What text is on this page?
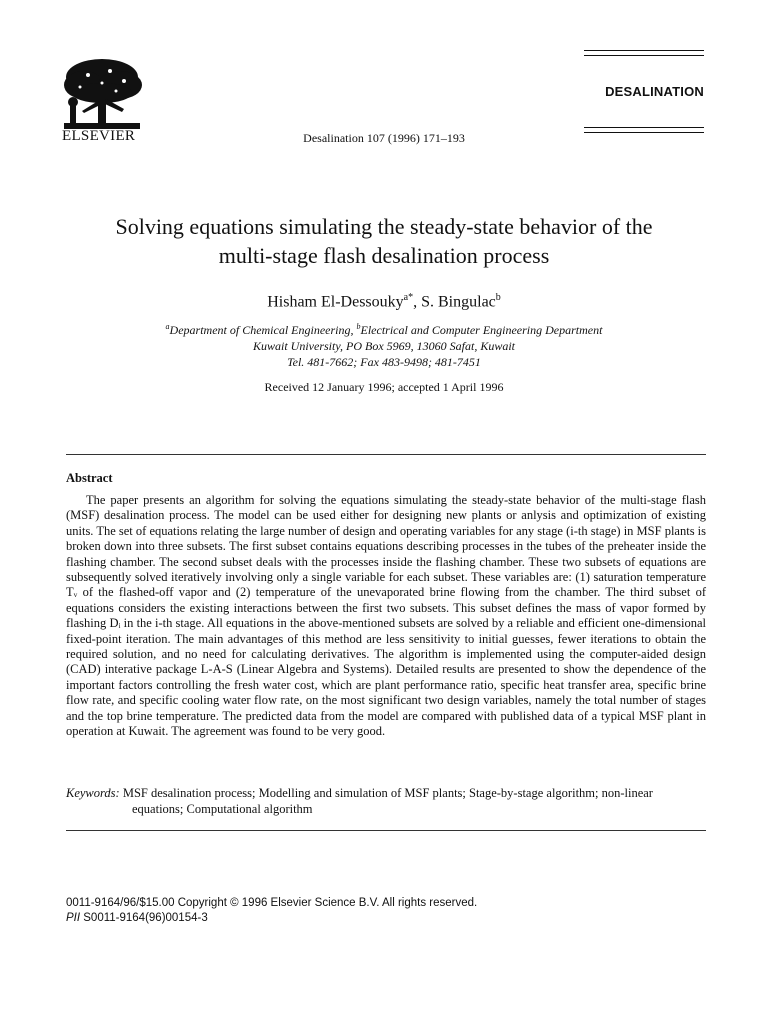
ELSEVIER	Desalination 107 (1996) 171–193
DESALINATION
Solving equations simulating the steady-state behavior of the
multi-stage flash desalination process
Hisham El-Dessouky$^{a*}$, S. Bingulac$^b$
$^a$Department of Chemical Engineering, $^b$Electrical and Computer Engineering Department
Kuwait University, PO Box 5969, 13060 Safat, Kuwait
Tel. 481-7662; Fax 483-9498; 481-7451
Received 12 January 1996; accepted 1 April 1996
Abstract

The paper presents an algorithm for solving the equations simulating the steady-state behavior of the multi-stage flash (MSF) desalination process. The model can be used either for designing new plants or anlysis and optimization of existing units. The set of equations relating the large number of design and operating variables for any stage (i-th stage) in MSF plants is broken down into three subsets. The first subset contains equations describing processes in the tubes of the preheater inside the flashing chamber. The second subset deals with the processes inside the flashing chamber. These two subsets of equations are subsequently solved iteratively involving only a single variable for each subset. These variables are: (1) saturation temperature Tᵥ of the flashed-off vapor and (2) temperature of the unevaporated brine flowing from the chamber. The third subset of equations considers the existing interactions between the first two subsets. This subset defines the mass of vapor formed by flashing Dᵢ in the i-th stage. All equations in the above-mentioned subsets are solved by a reliable and efficient one-dimensional fixed-point iteration. The main advantages of this method are less sensitivity to initial guesses, fewer iterations to obtain the required solution, and no need for calculating derivatives. The algorithm is implemented using the computer-aided design (CAD) interative package L-A-S (Linear Algebra and Systems). Detailed results are presented to show the dependence of the important factors controlling the fresh water cost, which are plant performance ratio, specific heat transfer area, specific brine flow rate, and specific cooling water flow rate, on the most significant two design variables, namely the total number of stages and the top brine temperature. The predicted data from the model are compared with published data of a typical MSF plant in operation at Kuwait. The agreement was found to be very good.

Keywords: MSF desalination process; Modelling and simulation of MSF plants; Stage-by-stage algorithm; non-linear
equations; Computational algorithm
0011-9164/96/$15.00 Copyright © 1996 Elsevier Science B.V. All rights reserved.
PII S0011-9164(96)00154-3
